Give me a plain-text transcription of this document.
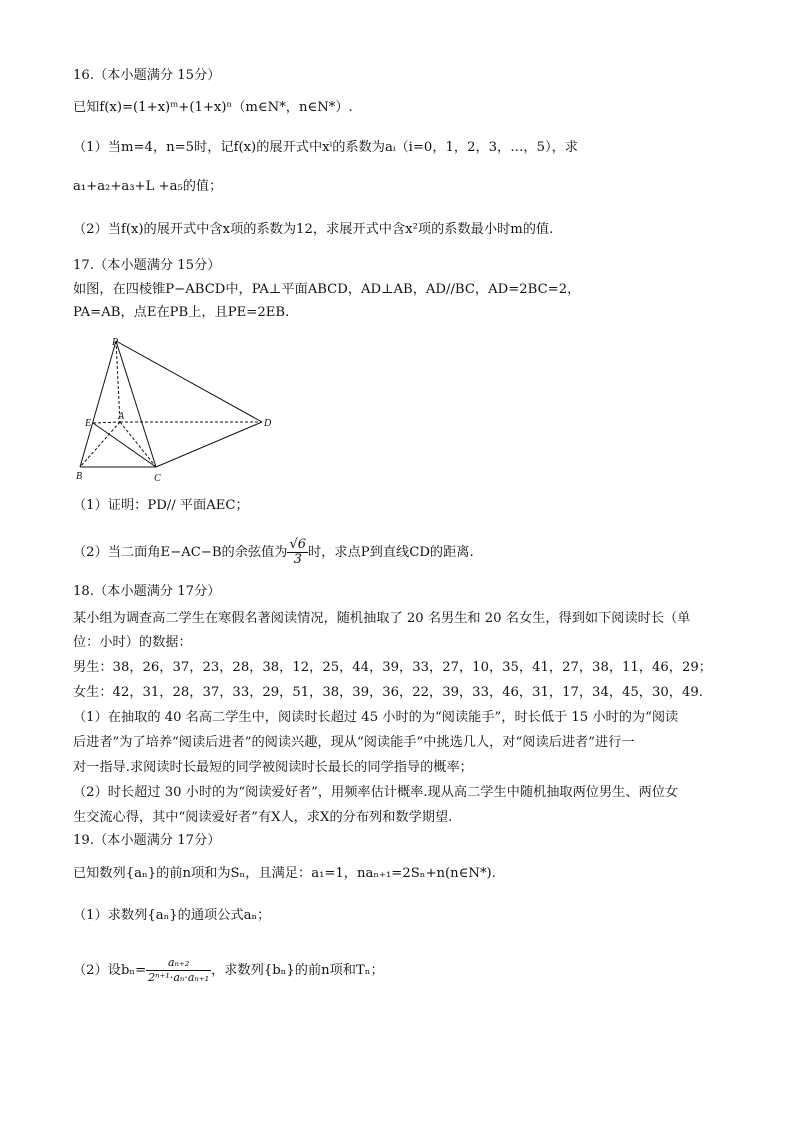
16.（本小题满分 15分）
已知f(x)=(1+x)ᵐ+(1+x)ⁿ（m∈N*，n∈N*）.
（1）当m=4，n=5时，记f(x)的展开式中xⁱ的系数为aᵢ（i=0，1，2，3，…，5），求
a₁+a₂+a₃+L +a₅的值；
（2）当f(x)的展开式中含x项的系数为12，求展开式中含x²项的系数最小时m的值.
17.（本小题满分 15分）
如图，在四棱锥P−ABCD中，PA⊥平面ABCD，AD⊥AB，AD//BC，AD=2BC=2，
PA=AB，点E在PB上，且PE=2EB.
P
A
E
B	C
D
（1）证明：PD// 平面AEC；
（2）当二面角E−AC−B的余弦值为 $\frac{√6}{3}$ 时，求点P到直线CD的距离.
18.（本小题满分 17分）
某小组为调查高二学生在寒假名著阅读情况，随机抽取了 20 名男生和 20 名女生，得到如下阅读时长（单
位：小时）的数据：
男生：38，26，37，23，28，38，12，25，44，39，33，27，10，35，41，27，38，11，46，29；
女生：42，31，28，37，33，29，51，38，39，36，22，39，33，46，31，17，34，45，30，49.
（1）在抽取的 40 名高二学生中，阅读时长超过 45 小时的为“阅读能手”，时长低于 15 小时的为“阅读
后进者”为了培养“阅读后进者”的阅读兴趣，现从“阅读能手”中挑选几人，对“阅读后进者”进行一
对一指导.求阅读时长最短的同学被阅读时长最长的同学指导的概率；
（2）时长超过 30 小时的为“阅读爱好者”，用频率估计概率.现从高二学生中随机抽取两位男生、两位女
生交流心得，其中“阅读爱好者”有X人，求X的分布列和数学期望.
19.（本小题满分 17分）
已知数列{aₙ}的前n项和为Sₙ，且满足：a₁=1，naₙ₊₁=2Sₙ+n(n∈N*).
（1）求数列{aₙ}的通项公式aₙ；
（2）设$b_n= \frac{\text{aₙ₊₂}}{\text{2ⁿ⁺¹·aₙ·aₙ₊₁}}$ ，求数列{bₙ}的前n项和Tₙ；
